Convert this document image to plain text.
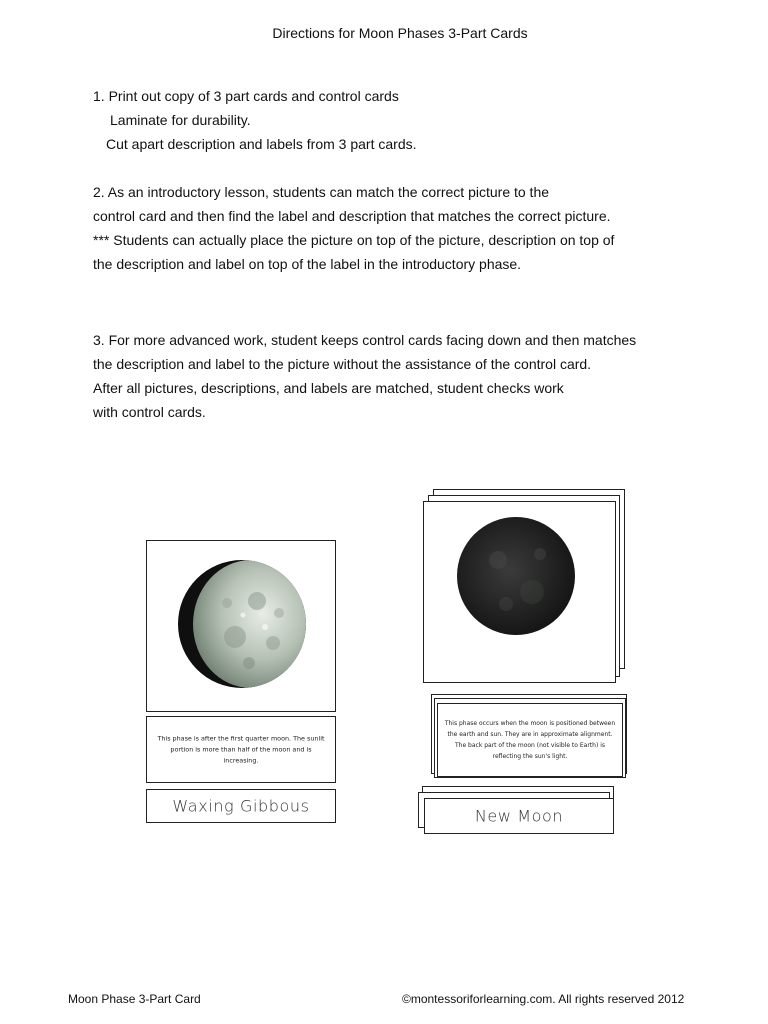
Directions for Moon Phases 3-Part Cards
1. Print out copy of 3 part cards and control cards
Laminate for durability.
Cut apart description and labels from 3 part cards.
2. As an introductory lesson, students can match the correct picture to the
control card and then find the label and description that matches the correct picture.
*** Students can actually place the picture on top of the picture, description on top of
the description and label on top of the label in the introductory phase.
3. For more advanced work, student keeps control cards facing down and then matches
the description and label to the picture without the assistance of the control card.
After all pictures, descriptions, and labels are matched, student checks work
with control cards.
This phase is after the first quarter moon. The sunlit portion is more than half of the moon and is increasing.
Waxing Gibbous
This phase occurs when the moon is positioned between the earth and sun. They are in approximate alignment. The back part of the moon (not visible to Earth) is reflecting the sun's light.
New Moon
Moon Phase 3-Part Card	©montessoriforlearning.com. All rights reserved 2012
